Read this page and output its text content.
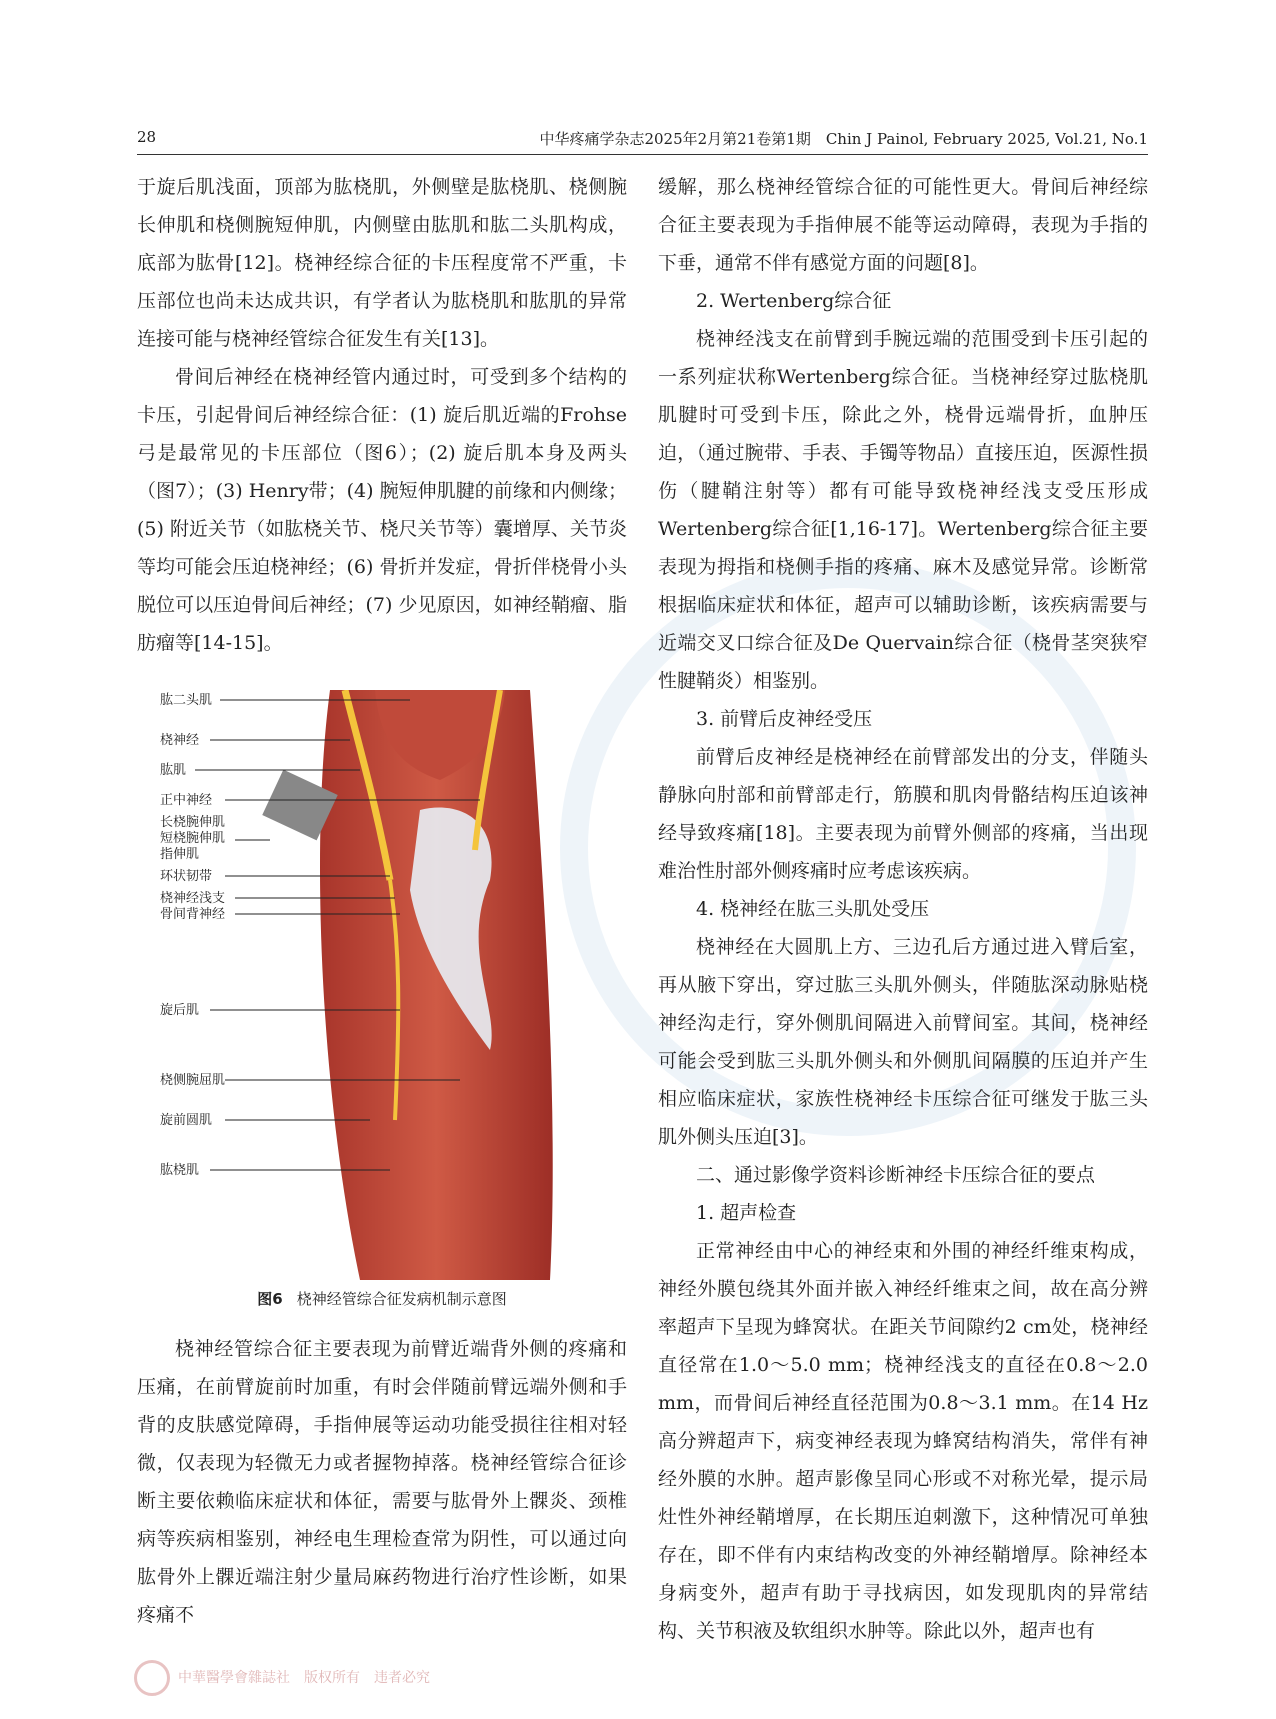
28	中华疼痛学杂志2025年2月第21卷第1期　Chin J Painol, February 2025, Vol.21, No.1

于旋后肌浅面，顶部为肱桡肌，外侧壁是肱桡肌、桡侧腕长伸肌和桡侧腕短伸肌，内侧壁由肱肌和肱二头肌构成，底部为肱骨[12]。桡神经综合征的卡压程度常不严重，卡压部位也尚未达成共识，有学者认为肱桡肌和肱肌的异常连接可能与桡神经管综合征发生有关[13]。

骨间后神经在桡神经管内通过时，可受到多个结构的卡压，引起骨间后神经综合征：(1) 旋后肌近端的Frohse弓是最常见的卡压部位（图6）；(2) 旋后肌本身及两头（图7）；(3) Henry带；(4) 腕短伸肌腱的前缘和内侧缘；(5) 附近关节（如肱桡关节、桡尺关节等）囊增厚、关节炎等均可能会压迫桡神经；(6) 骨折并发症，骨折伴桡骨小头脱位可以压迫骨间后神经；(7) 少见原因，如神经鞘瘤、脂肪瘤等[14-15]。

肱二头肌
桡神经
肱肌
正中神经
长桡腕伸肌
短桡腕伸肌
指伸肌
环状韧带
桡神经浅支
骨间背神经
旋后肌
桡侧腕屈肌
旋前圆肌
肱桡肌
图6 桡神经管综合征发病机制示意图

桡神经管综合征主要表现为前臂近端背外侧的疼痛和压痛，在前臂旋前时加重，有时会伴随前臂远端外侧和手背的皮肤感觉障碍，手指伸展等运动功能受损往往相对轻微，仅表现为轻微无力或者握物掉落。桡神经管综合征诊断主要依赖临床症状和体征，需要与肱骨外上髁炎、颈椎病等疾病相鉴别，神经电生理检查常为阴性，可以通过向肱骨外上髁近端注射少量局麻药物进行治疗性诊断，如果疼痛不

缓解，那么桡神经管综合征的可能性更大。骨间后神经综合征主要表现为手指伸展不能等运动障碍，表现为手指的下垂，通常不伴有感觉方面的问题[8]。

2. Wertenberg综合征

桡神经浅支在前臂到手腕远端的范围受到卡压引起的一系列症状称Wertenberg综合征。当桡神经穿过肱桡肌肌腱时可受到卡压，除此之外，桡骨远端骨折，血肿压迫，（通过腕带、手表、手镯等物品）直接压迫，医源性损伤（腱鞘注射等）都有可能导致桡神经浅支受压形成Wertenberg综合征[1,16-17]。Wertenberg综合征主要表现为拇指和桡侧手指的疼痛、麻木及感觉异常。诊断常根据临床症状和体征，超声可以辅助诊断，该疾病需要与近端交叉口综合征及De Quervain综合征（桡骨茎突狭窄性腱鞘炎）相鉴别。

3. 前臂后皮神经受压

前臂后皮神经是桡神经在前臂部发出的分支，伴随头静脉向肘部和前臂部走行，筋膜和肌肉骨骼结构压迫该神经导致疼痛[18]。主要表现为前臂外侧部的疼痛，当出现难治性肘部外侧疼痛时应考虑该疾病。

4. 桡神经在肱三头肌处受压

桡神经在大圆肌上方、三边孔后方通过进入臂后室，再从腋下穿出，穿过肱三头肌外侧头，伴随肱深动脉贴桡神经沟走行，穿外侧肌间隔进入前臂间室。其间，桡神经可能会受到肱三头肌外侧头和外侧肌间隔膜的压迫并产生相应临床症状，家族性桡神经卡压综合征可继发于肱三头肌外侧头压迫[3]。

二、通过影像学资料诊断神经卡压综合征的要点

1. 超声检查

正常神经由中心的神经束和外围的神经纤维束构成，神经外膜包绕其外面并嵌入神经纤维束之间，故在高分辨率超声下呈现为蜂窝状。在距关节间隙约2 cm处，桡神经直径常在1.0～5.0 mm；桡神经浅支的直径在0.8～2.0 mm，而骨间后神经直径范围为0.8～3.1 mm。在14 Hz高分辨超声下，病变神经表现为蜂窝结构消失，常伴有神经外膜的水肿。超声影像呈同心形或不对称光晕，提示局灶性外神经鞘增厚，在长期压迫刺激下，这种情况可单独存在，即不伴有内束结构改变的外神经鞘增厚。除神经本身病变外，超声有助于寻找病因，如发现肌肉的异常结构、关节积液及软组织水肿等。除此以外，超声也有

中華醫學會雜誌社　版权所有　违者必究
